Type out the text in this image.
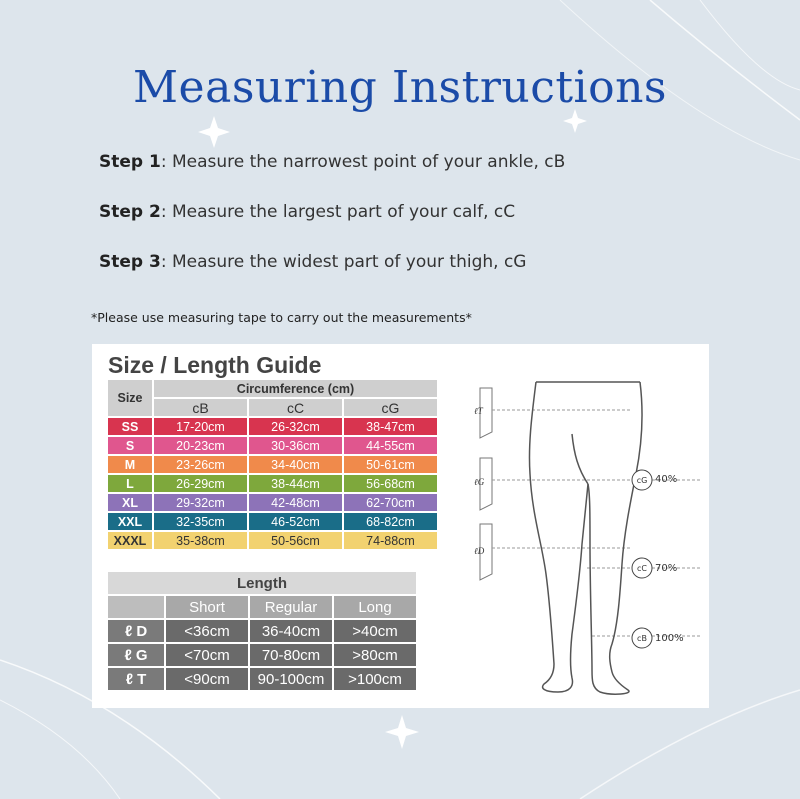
Measuring Instructions
Step 1: Measure the narrowest point of your ankle, cB
Step 2: Measure the largest part of your calf, cC
Step 3: Measure the widest part of your thigh, cG
*Please use measuring tape to carry out the measurements*
Size / Length Guide
Size	Circumference (cm)		
	cB	cC	cG
SS	17-20cm	26-32cm	38-47cm
S	20-23cm	30-36cm	44-55cm
M	23-26cm	34-40cm	50-61cm
L	26-29cm	38-44cm	56-68cm
XL	29-32cm	42-48cm	62-70cm
XXL	32-35cm	46-52cm	68-82cm
XXXL	35-38cm	50-56cm	74-88cm
Length			
	Short	Regular	Long
ℓ D	<36cm	36-40cm	>40cm
ℓ G	<70cm	70-80cm	>80cm
ℓ T	<90cm	90-100cm	>100cm
ℓT
ℓG
ℓD
cG 40%
cC 70%
cB 100%
